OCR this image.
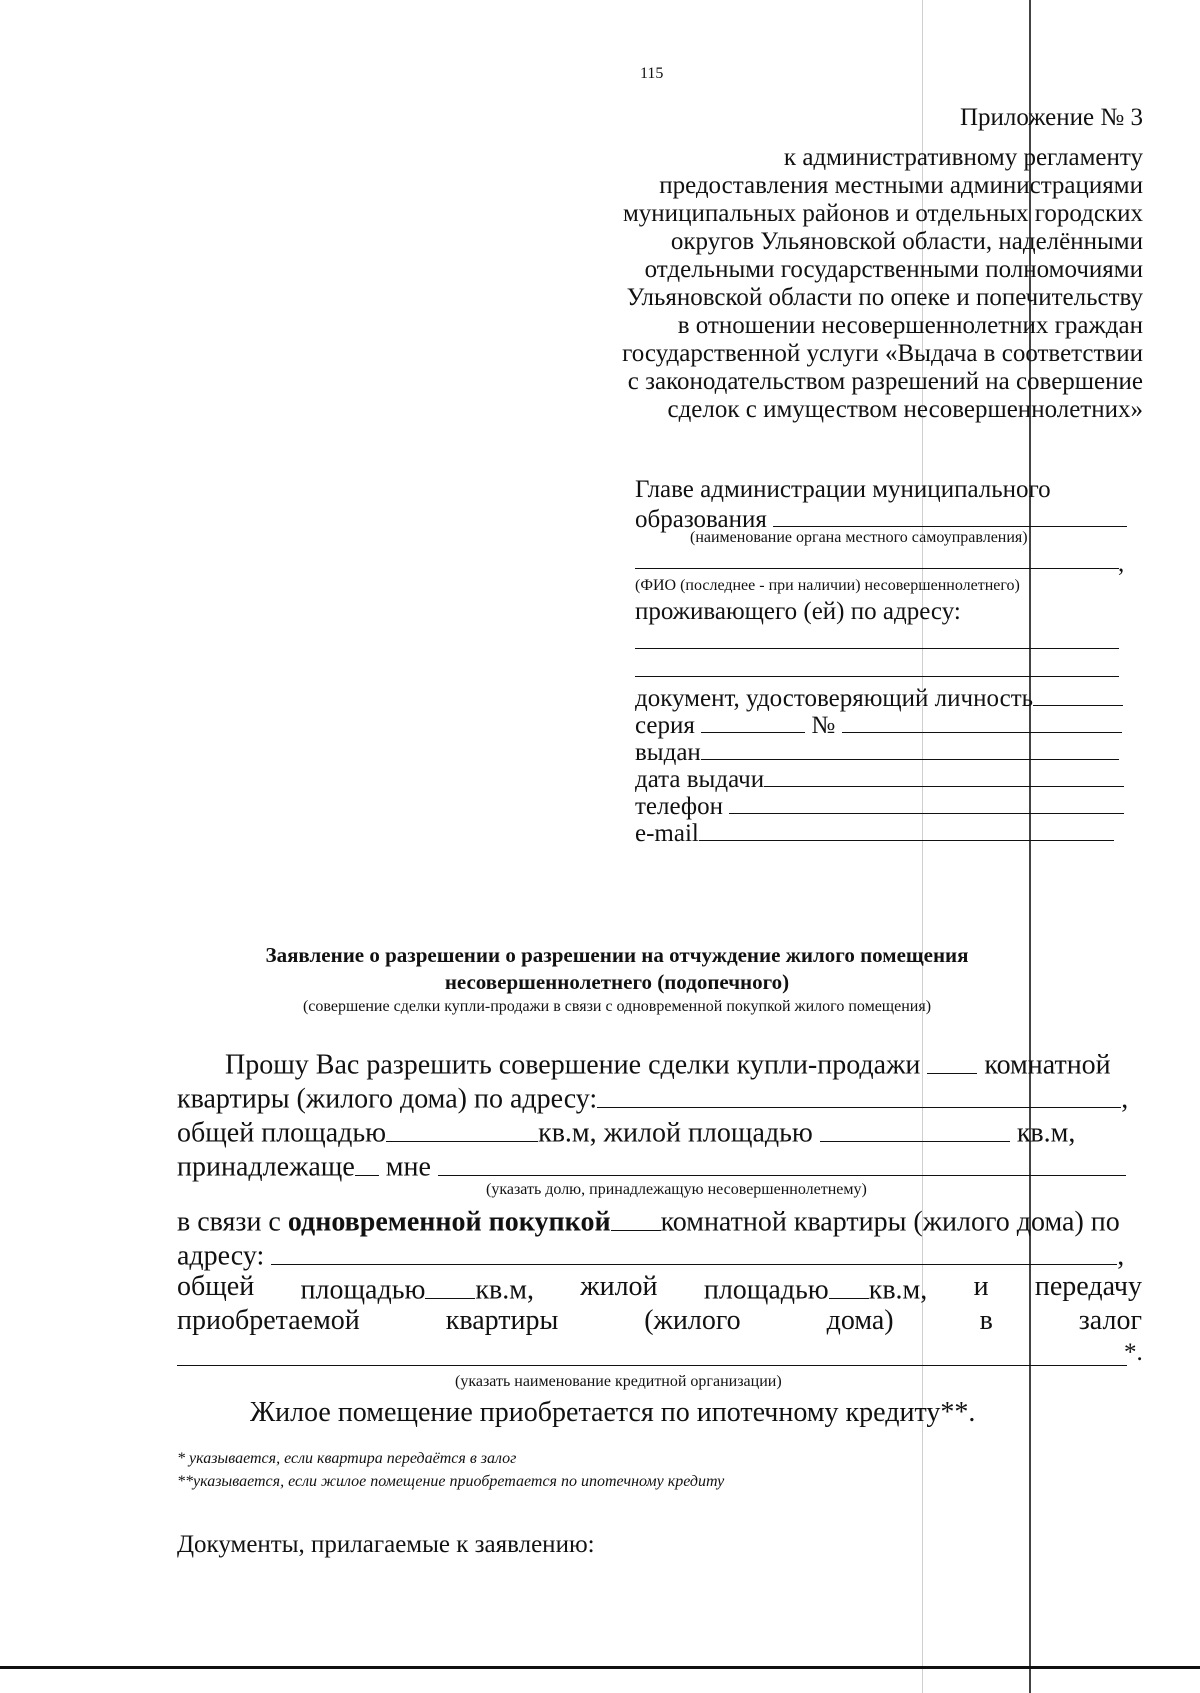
115
Приложение № 3
к административному регламенту
предоставления местными администрациями
муниципальных районов и отдельных городских
округов Ульяновской области, наделёнными
отдельными государственными полномочиями
Ульяновской области по опеке и попечительству
в отношении несовершеннолетних граждан
государственной услуги «Выдача в соответствии
с законодательством разрешений на совершение
сделок с имуществом несовершеннолетних»
Главе администрации муниципального
образования
(наименование органа местного самоуправления)
,
(ФИО (последнее - при наличии) несовершеннолетнего)
проживающего (ей) по адресу:
документ, удостоверяющий личность
серия	№
выдан
дата выдачи
телефон
e-mail
Заявление о разрешении о разрешении на отчуждение жилого помещения
несовершеннолетнего (подопечного)
(совершение сделки купли-продажи в связи с одновременной покупкой жилого помещения)
Прошу Вас разрешить совершение сделки купли-продажи комнатной
квартиры (жилого дома) по адресу:	,
общей площадью	кв.м, жилой площадью	кв.м,
принадлежаще мне
(указать долю, принадлежащую несовершеннолетнему)
в связи с одновременной покупкой комнатной квартиры (жилого дома) по
адресу:	,
общей площадью кв.м, жилой площадью кв.м, и передачу
приобретаемой	квартиры	(жилого	дома)	в	залог
*.
(указать наименование кредитной организации)
Жилое помещение приобретается по ипотечному кредиту**.
* указывается, если квартира передаётся в залог
**указывается, если жилое помещение приобретается по ипотечному кредиту
Документы, прилагаемые к заявлению:
